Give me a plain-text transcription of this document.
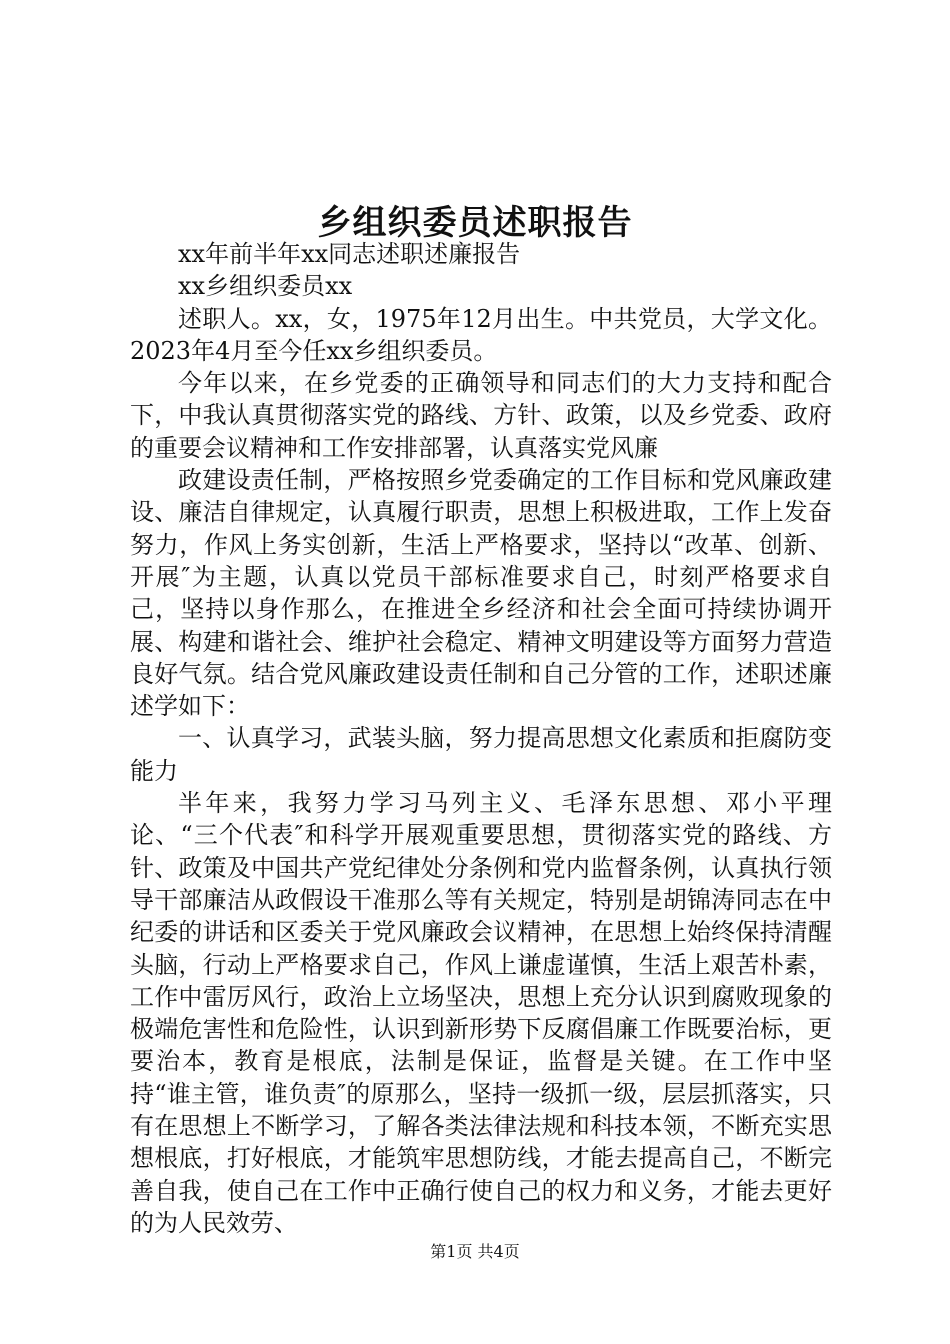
乡组织委员述职报告

xx年前半年xx同志述职述廉报告

xx乡组织委员xx

述职人。xx，女，1975年12月出生。中共党员，大学文化。2023年4月至今任xx乡组织委员。

今年以来，在乡党委的正确领导和同志们的大力支持和配合下，中我认真贯彻落实党的路线、方针、政策，以及乡党委、政府的重要会议精神和工作安排部署，认真落实党风廉

政建设责任制，严格按照乡党委确定的工作目标和党风廉政建设、廉洁自律规定，认真履行职责，思想上积极进取，工作上发奋努力，作风上务实创新，生活上严格要求，坚持以“改革、创新、开展″为主题，认真以党员干部标准要求自己，时刻严格要求自己，坚持以身作那么，在推进全乡经济和社会全面可持续协调开展、构建和谐社会、维护社会稳定、精神文明建设等方面努力营造良好气氛。结合党风廉政建设责任制和自己分管的工作，述职述廉述学如下：

一、认真学习，武装头脑，努力提高思想文化素质和拒腐防变能力

半年来，我努力学习马列主义、毛泽东思想、邓小平理论、“三个代表″和科学开展观重要思想，贯彻落实党的路线、方针、政策及中国共产党纪律处分条例和党内监督条例，认真执行领导干部廉洁从政假设干准那么等有关规定，特别是胡锦涛同志在中纪委的讲话和区委关于党风廉政会议精神，在思想上始终保持清醒头脑，行动上严格要求自己，作风上谦虚谨慎，生活上艰苦朴素，工作中雷厉风行，政治上立场坚决，思想上充分认识到腐败现象的极端危害性和危险性，认识到新形势下反腐倡廉工作既要治标，更要治本，教育是根底，法制是保证，监督是关键。在工作中坚持“谁主管，谁负责″的原那么，坚持一级抓一级，层层抓落实，只有在思想上不断学习，了解各类法律法规和科技本领，不断充实思想根底，打好根底，才能筑牢思想防线，才能去提高自己，不断完善自我，使自己在工作中正确行使自己的权力和义务，才能去更好的为人民效劳、

第1页 共4页
